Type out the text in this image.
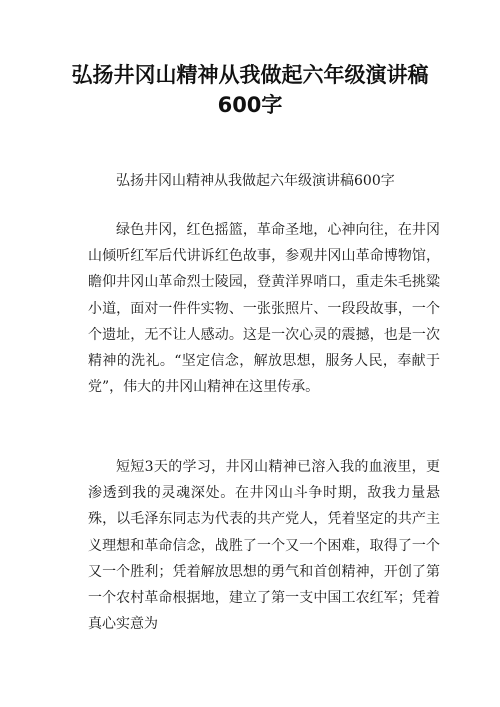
弘扬井冈山精神从我做起六年级演讲稿600字

弘扬井冈山精神从我做起六年级演讲稿600字

绿色井冈，红色摇篮，革命圣地，心神向往，在井冈山倾听红军后代讲诉红色故事，参观井冈山革命博物馆，瞻仰井冈山革命烈士陵园，登黄洋界哨口，重走朱毛挑粱小道，面对一件件实物、一张张照片、一段段故事，一个个遗址，无不让人感动。这是一次心灵的震撼，也是一次精神的洗礼。“坚定信念，解放思想，服务人民，奉献于党”，伟大的井冈山精神在这里传承。

短短3天的学习，井冈山精神已溶入我的血液里，更渗透到我的灵魂深处。在井冈山斗争时期，敌我力量悬殊，以毛泽东同志为代表的共产党人，凭着坚定的共产主义理想和革命信念，战胜了一个又一个困难，取得了一个又一个胜利；凭着解放思想的勇气和首创精神，开创了第一个农村革命根据地，建立了第一支中国工农红军；凭着真心实意为
